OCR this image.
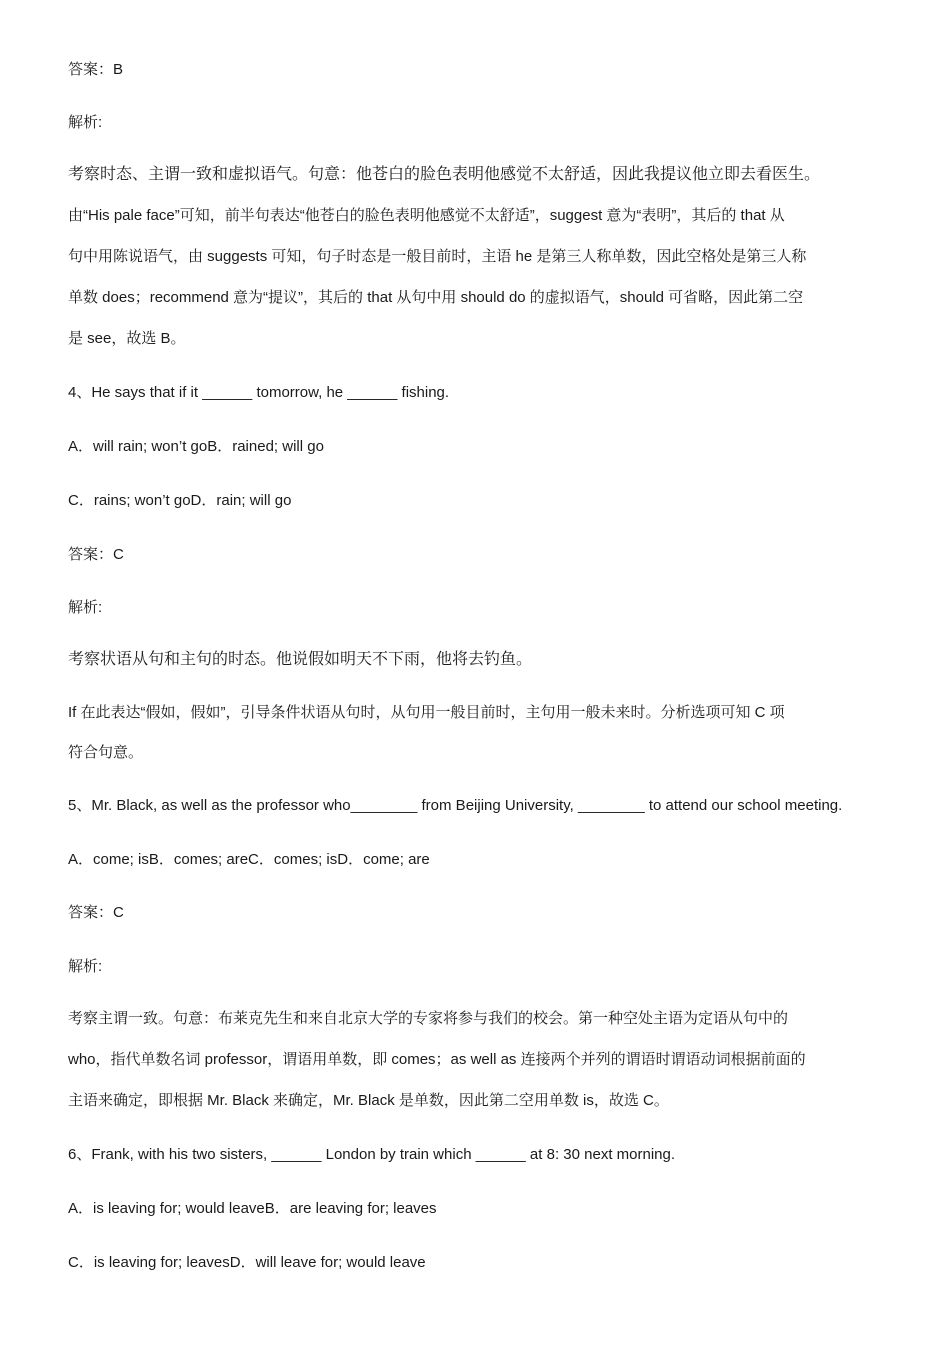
答案：B
解析:
考察时态、主谓一致和虚拟语气。句意：他苍白的脸色表明他感觉不太舒适，因此我提议他立即去看医生。
由“His pale face”可知，前半句表达“他苍白的脸色表明他感觉不太舒适”，suggest 意为“表明”，其后的 that 从
句中用陈说语气，由 suggests 可知，句子时态是一般目前时，主语 he 是第三人称单数，因此空格处是第三人称
单数 does；recommend 意为“提议”，其后的 that 从句中用 should do 的虚拟语气，should 可省略，因此第二空
是 see，故选 B。
4、He says that if it ______ tomorrow, he ______ fishing.
A．will rain; won’t goB．rained; will go
C．rains; won’t goD．rain; will go
答案：C
解析:
考察状语从句和主句的时态。他说假如明天不下雨，他将去钓鱼。
If 在此表达“假如，假如”，引导条件状语从句时，从句用一般目前时，主句用一般未来时。分析选项可知 C 项
符合句意。
5、Mr. Black, as well as the professor who________ from Beijing University, ________ to attend our school meeting.
A．come; isB．comes; areC．comes; isD．come; are
答案：C
解析:
考察主谓一致。句意：布莱克先生和来自北京大学的专家将参与我们的校会。第一种空处主语为定语从句中的
who，指代单数名词 professor，谓语用单数，即 comes；as well as 连接两个并列的谓语时谓语动词根据前面的
主语来确定，即根据 Mr. Black 来确定，Mr. Black 是单数，因此第二空用单数 is，故选 C。
6、Frank, with his two sisters, ______ London by train which ______ at 8: 30 next morning.
A．is leaving for; would leaveB．are leaving for; leaves
C．is leaving for; leavesD．will leave for; would leave
